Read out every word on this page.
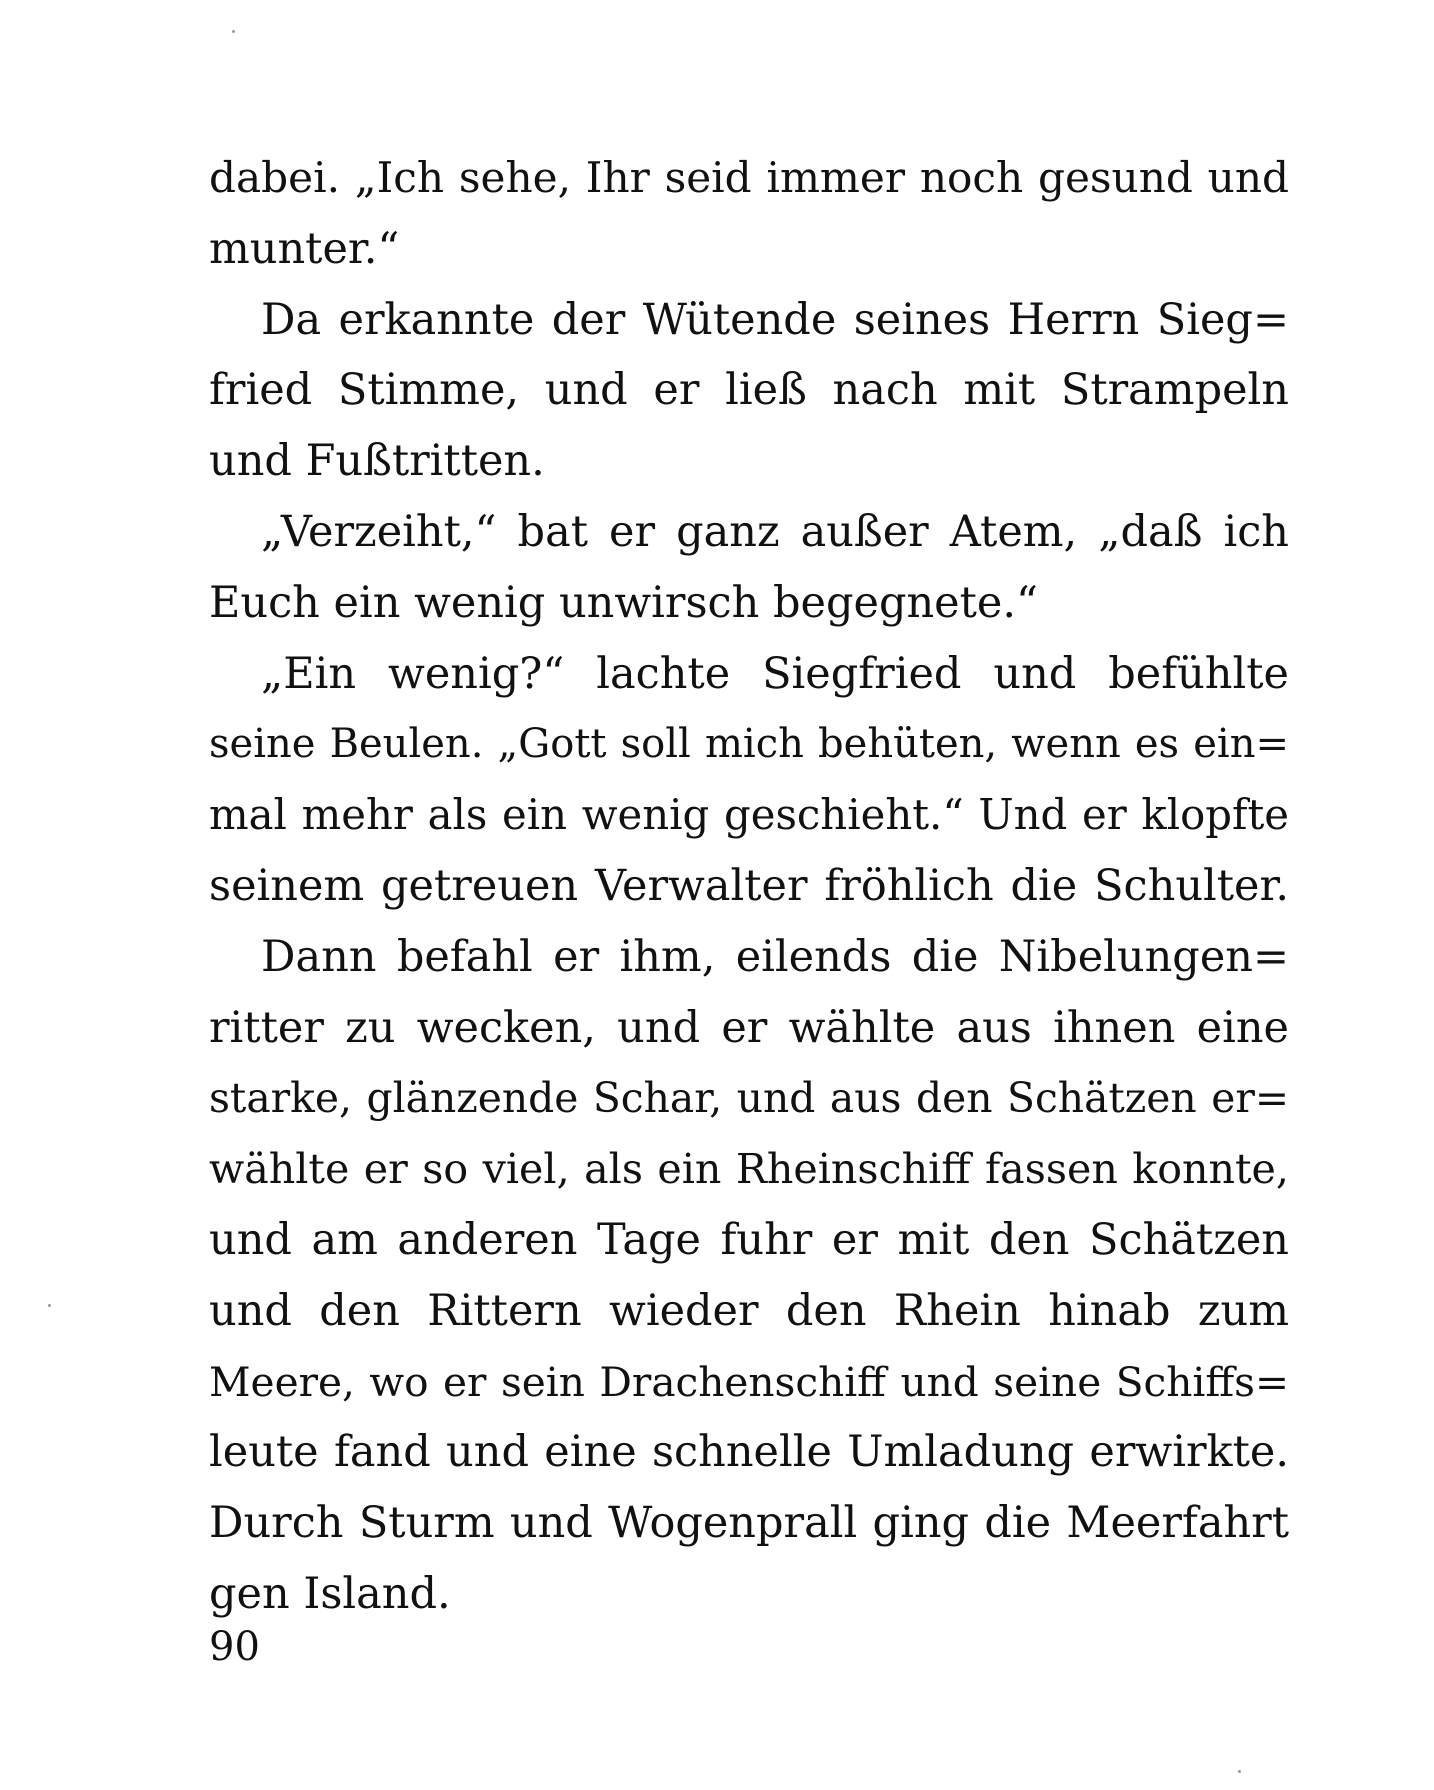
dabei. „Ich sehe, Ihr seid immer noch gesund und
munter.“
Da erkannte der Wütende seines Herrn Sieg=
fried Stimme, und er ließ nach mit Strampeln
und Fußtritten.
„Verzeiht,“ bat er ganz außer Atem, „daß ich
Euch ein wenig unwirsch begegnete.“
„Ein wenig?“ lachte Siegfried und befühlte
seine Beulen. „Gott soll mich behüten, wenn es ein=
mal mehr als ein wenig geschieht.“ Und er klopfte
seinem getreuen Verwalter fröhlich die Schulter.
Dann befahl er ihm, eilends die Nibelungen=
ritter zu wecken, und er wählte aus ihnen eine
starke, glänzende Schar, und aus den Schätzen er=
wählte er so viel, als ein Rheinschiff fassen konnte,
und am anderen Tage fuhr er mit den Schätzen
und den Rittern wieder den Rhein hinab zum
Meere, wo er sein Drachenschiff und seine Schiffs=
leute fand und eine schnelle Umladung erwirkte.
Durch Sturm und Wogenprall ging die Meerfahrt
gen Island.
90
